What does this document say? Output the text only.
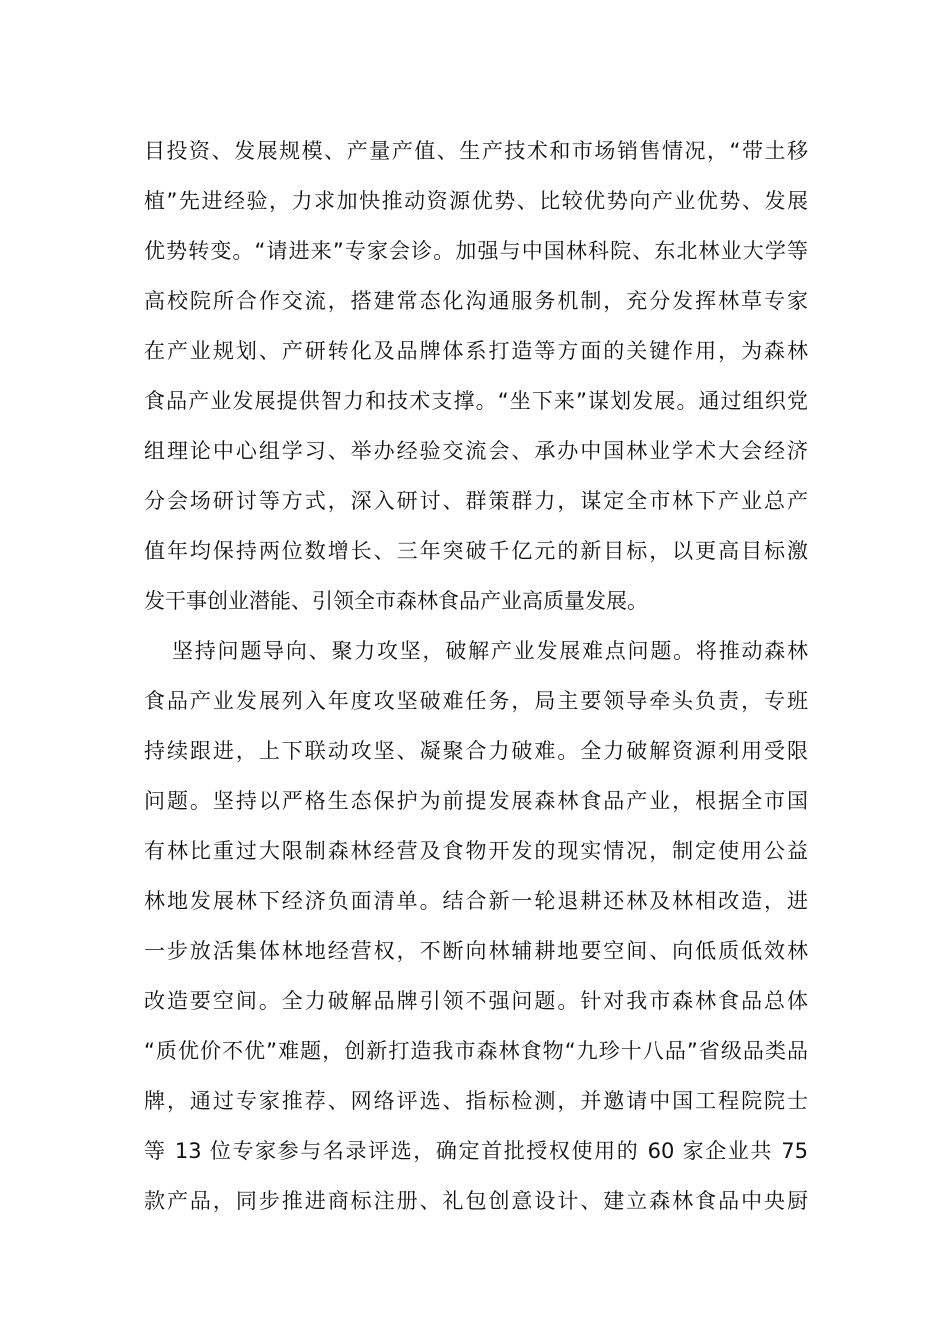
目投资、发展规模、产量产值、生产技术和市场销售情况，“带土移
植”先进经验，力求加快推动资源优势、比较优势向产业优势、发展
优势转变。“请进来”专家会诊。加强与中国林科院、东北林业大学等
高校院所合作交流，搭建常态化沟通服务机制，充分发挥林草专家
在产业规划、产研转化及品牌体系打造等方面的关键作用，为森林
食品产业发展提供智力和技术支撑。“坐下来”谋划发展。通过组织党
组理论中心组学习、举办经验交流会、承办中国林业学术大会经济
分会场研讨等方式，深入研讨、群策群力，谋定全市林下产业总产
值年均保持两位数增长、三年突破千亿元的新目标，以更高目标激
发干事创业潜能、引领全市森林食品产业高质量发展。
坚持问题导向、聚力攻坚，破解产业发展难点问题。将推动森林
食品产业发展列入年度攻坚破难任务，局主要领导牵头负责，专班
持续跟进，上下联动攻坚、凝聚合力破难。全力破解资源利用受限
问题。坚持以严格生态保护为前提发展森林食品产业，根据全市国
有林比重过大限制森林经营及食物开发的现实情况，制定使用公益
林地发展林下经济负面清单。结合新一轮退耕还林及林相改造，进
一步放活集体林地经营权，不断向林辅耕地要空间、向低质低效林
改造要空间。全力破解品牌引领不强问题。针对我市森林食品总体
“质优价不优”难题，创新打造我市森林食物“九珍十八品”省级品类品
牌，通过专家推荐、网络评选、指标检测，并邀请中国工程院院士
等 13 位专家参与名录评选，确定首批授权使用的 60 家企业共 75
款产品，同步推进商标注册、礼包创意设计、建立森林食品中央厨
